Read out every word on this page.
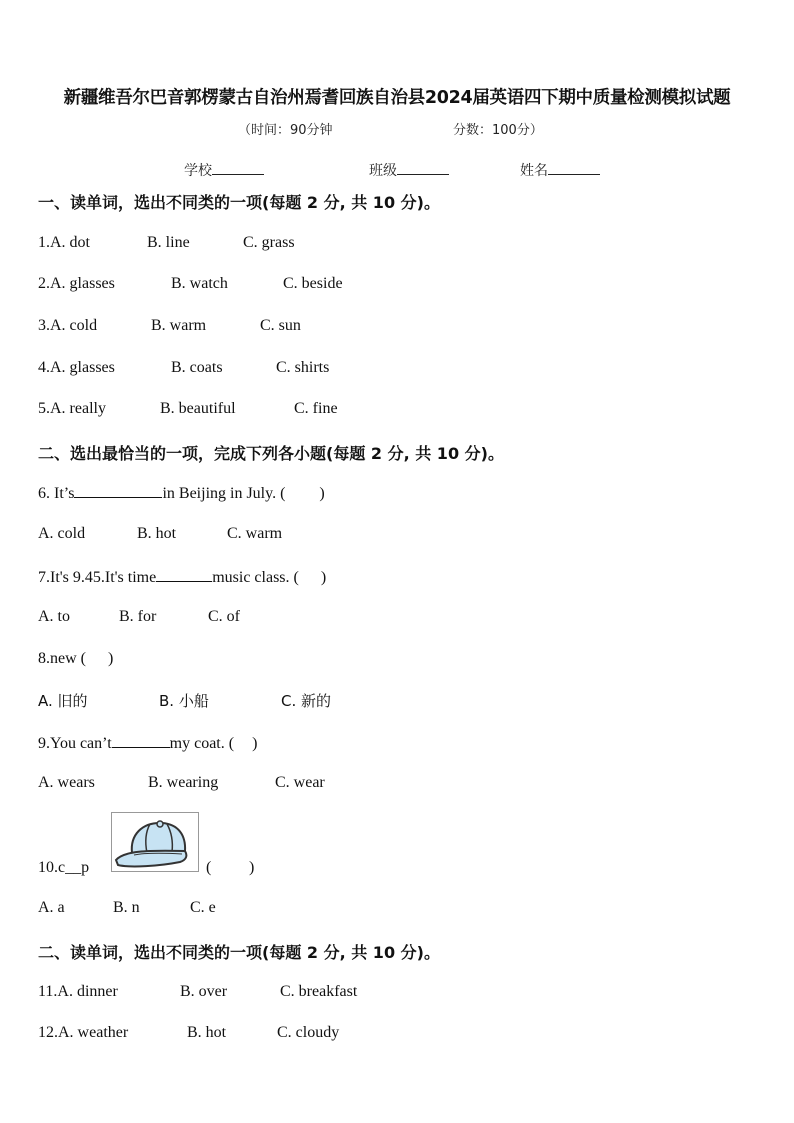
新疆维吾尔巴音郭楞蒙古自治州焉耆回族自治县2024届英语四下期中质量检测模拟试题
（时间：90分钟	分数：100分）
学校	班级	姓名
一、读单词，选出不同类的一项(每题 2 分, 共 10 分)。
1.A. dot	B. line	C. grass
2.A. glasses	B. watch	C. beside
3.A. cold	B. warm	C. sun
4.A. glasses	B. coats	C. shirts
5.A. really	B. beautiful	C. fine
二、选出最恰当的一项，完成下列各小题(每题 2 分, 共 10 分)。
6. It’s	in Beijing in July. ( )
A. cold	B. hot	C. warm
7.It's 9.45.It's time	music class. ( )
A. to	B. for	C. of
8.new ( )
A. 旧的	B. 小船	C. 新的
9.You can’t	my coat. ( )
A. wears	B. wearing	C. wear
10.c__p	( )
A. a	B. n	C. e
二、读单词，选出不同类的一项(每题 2 分, 共 10 分)。
11.A. dinner	B. over	C. breakfast
12.A. weather	B. hot	C. cloudy
